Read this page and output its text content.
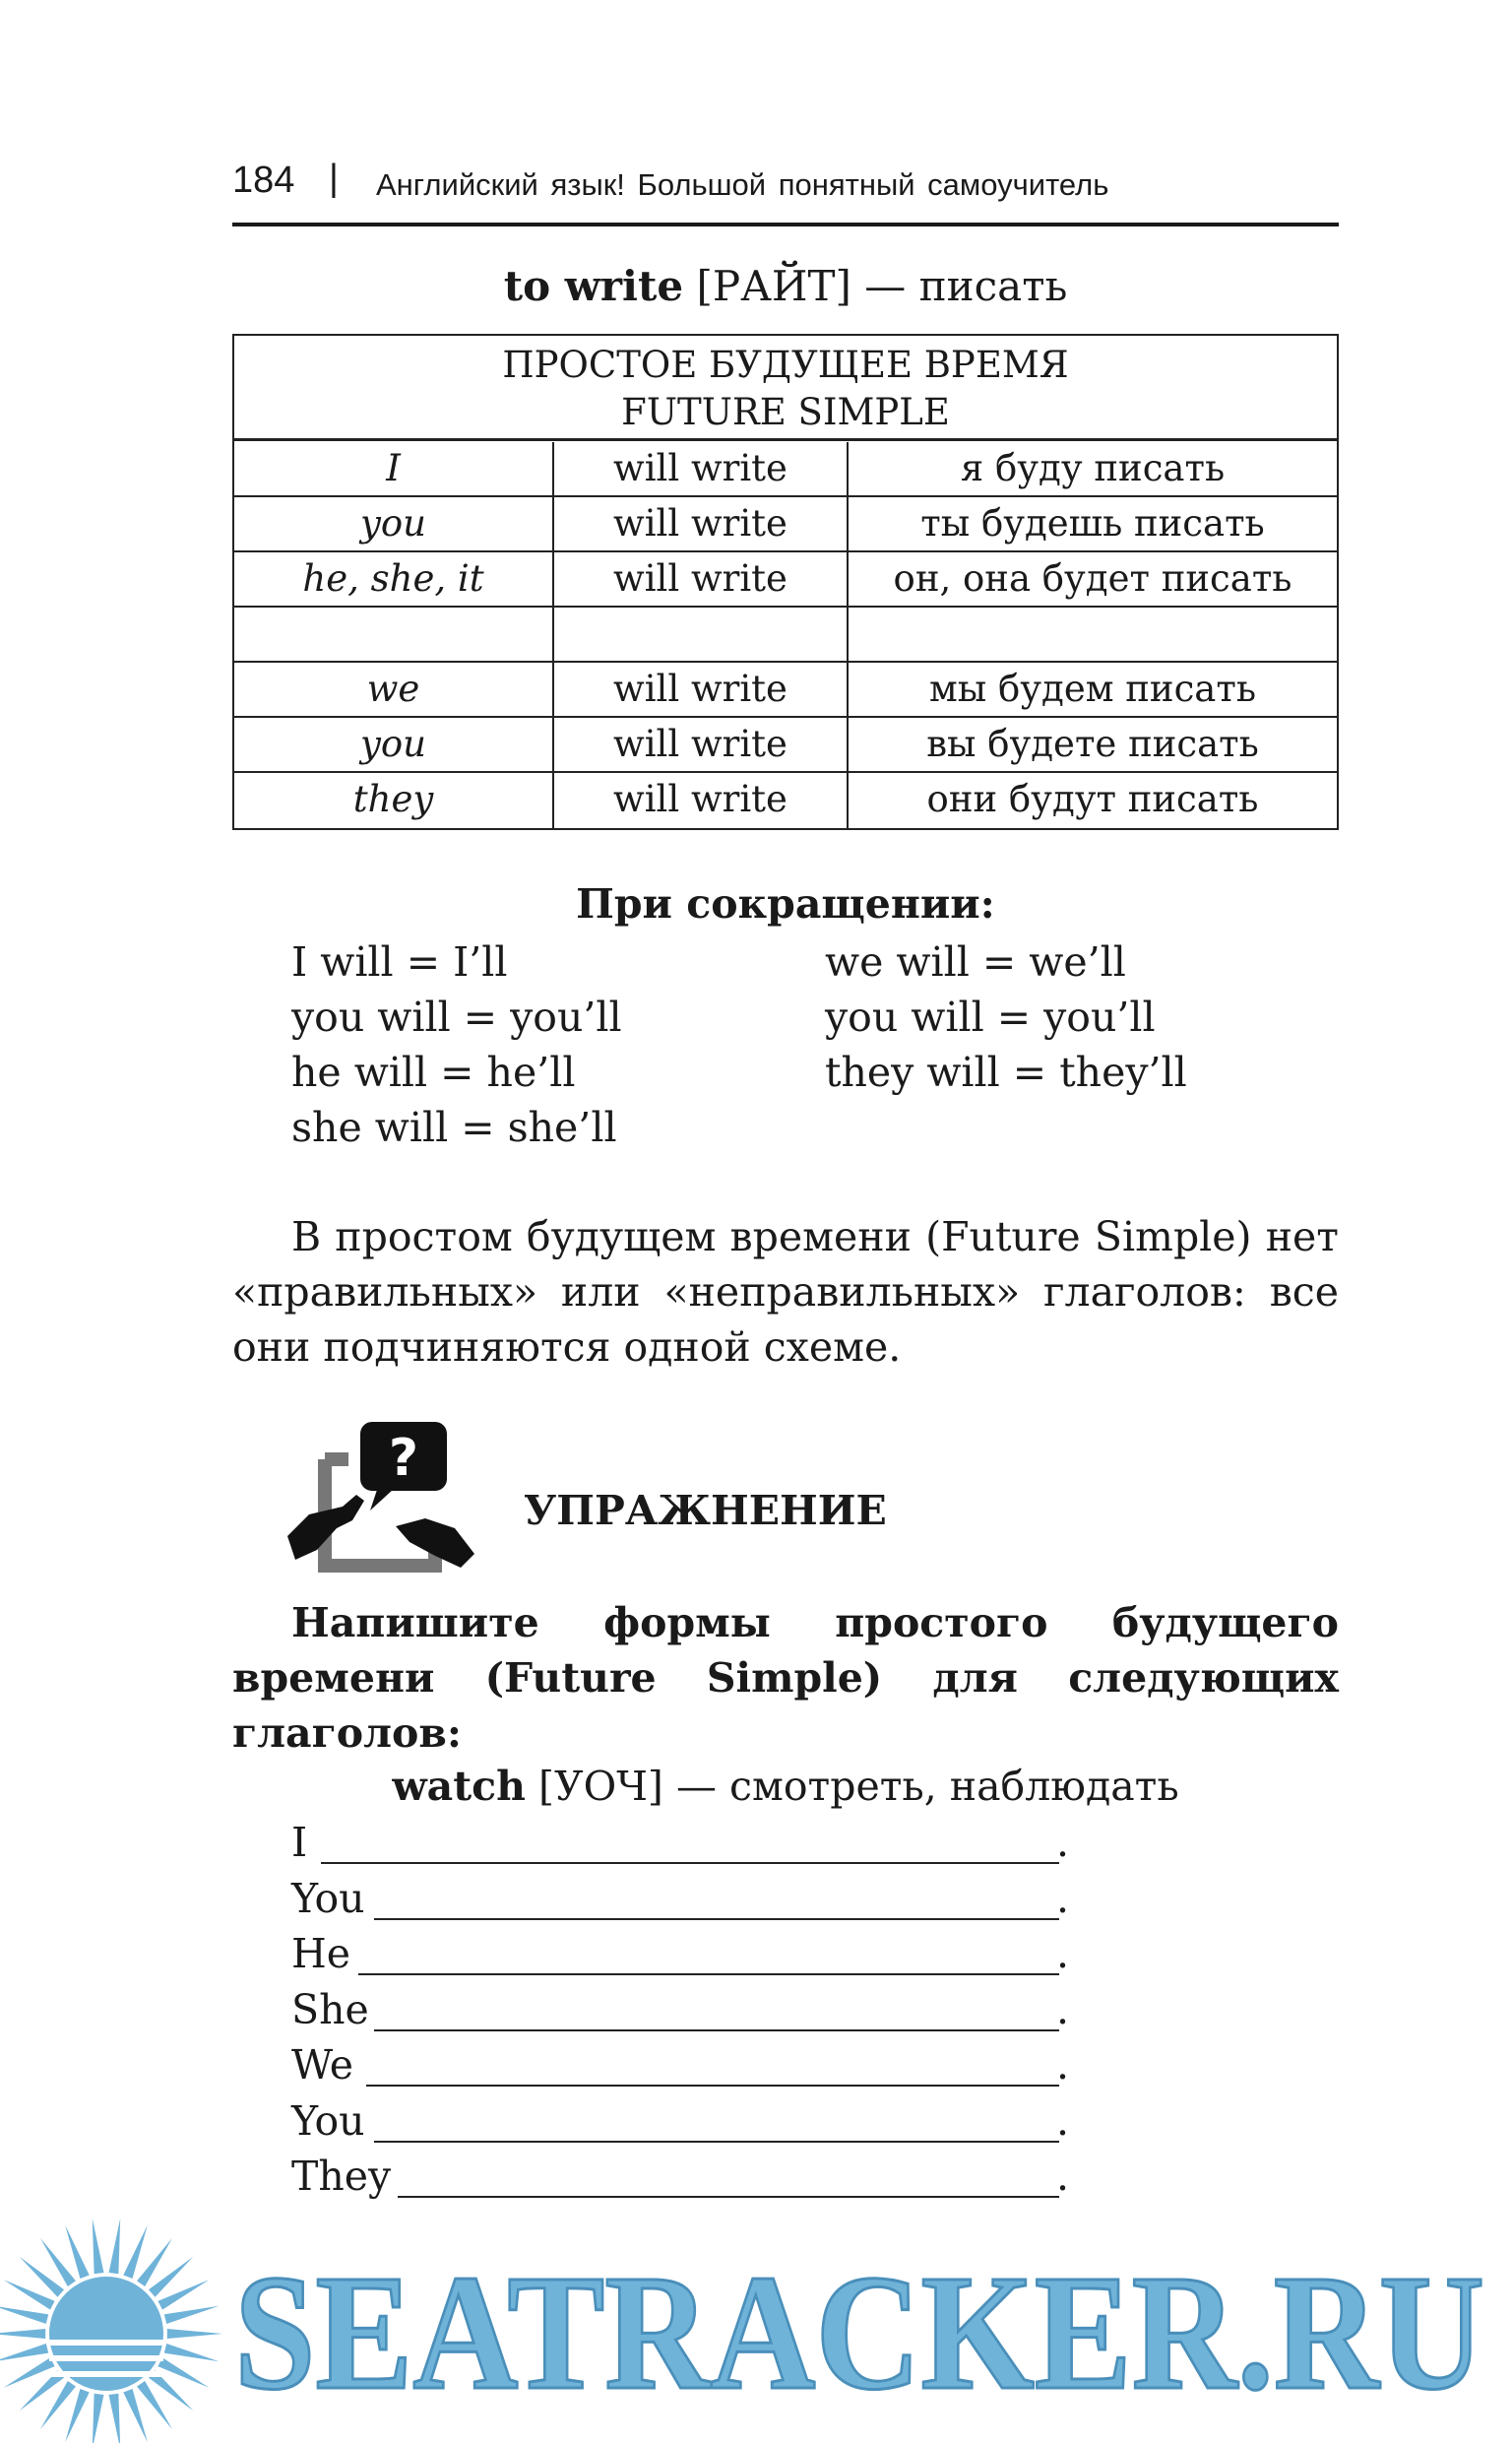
184 | Английский язык! Большой понятный самоучитель
to write [РАЙТ] — писать
ПРОСТОЕ БУДУЩЕЕ ВРЕМЯ
FUTURE SIMPLE
I	will write	я буду писать
you	will write	ты будешь писать
he, she, it	will write	он, она будет писать
we	will write	мы будем писать
you	will write	вы будете писать
they	will write	они будут писать
При сокращении:
I will = I’ll
you will = you’ll
he will = he’ll
she will = she’ll
we will = we’ll
you will = you’ll
they will = they’ll
В простом будущем времени (Future Simple) нет «правильных» или «неправильных» глаголов: все они подчиняются одной схеме.
?
УПРАЖНЕНИЕ
Напишите формы простого будущего времени (Future Simple) для следующих глаголов:
watch [УОЧ] — смотреть, наблюдать
I	.
You	.
He	.
She	.
We	.
You	.
They	.
SEATRACKER.RU
